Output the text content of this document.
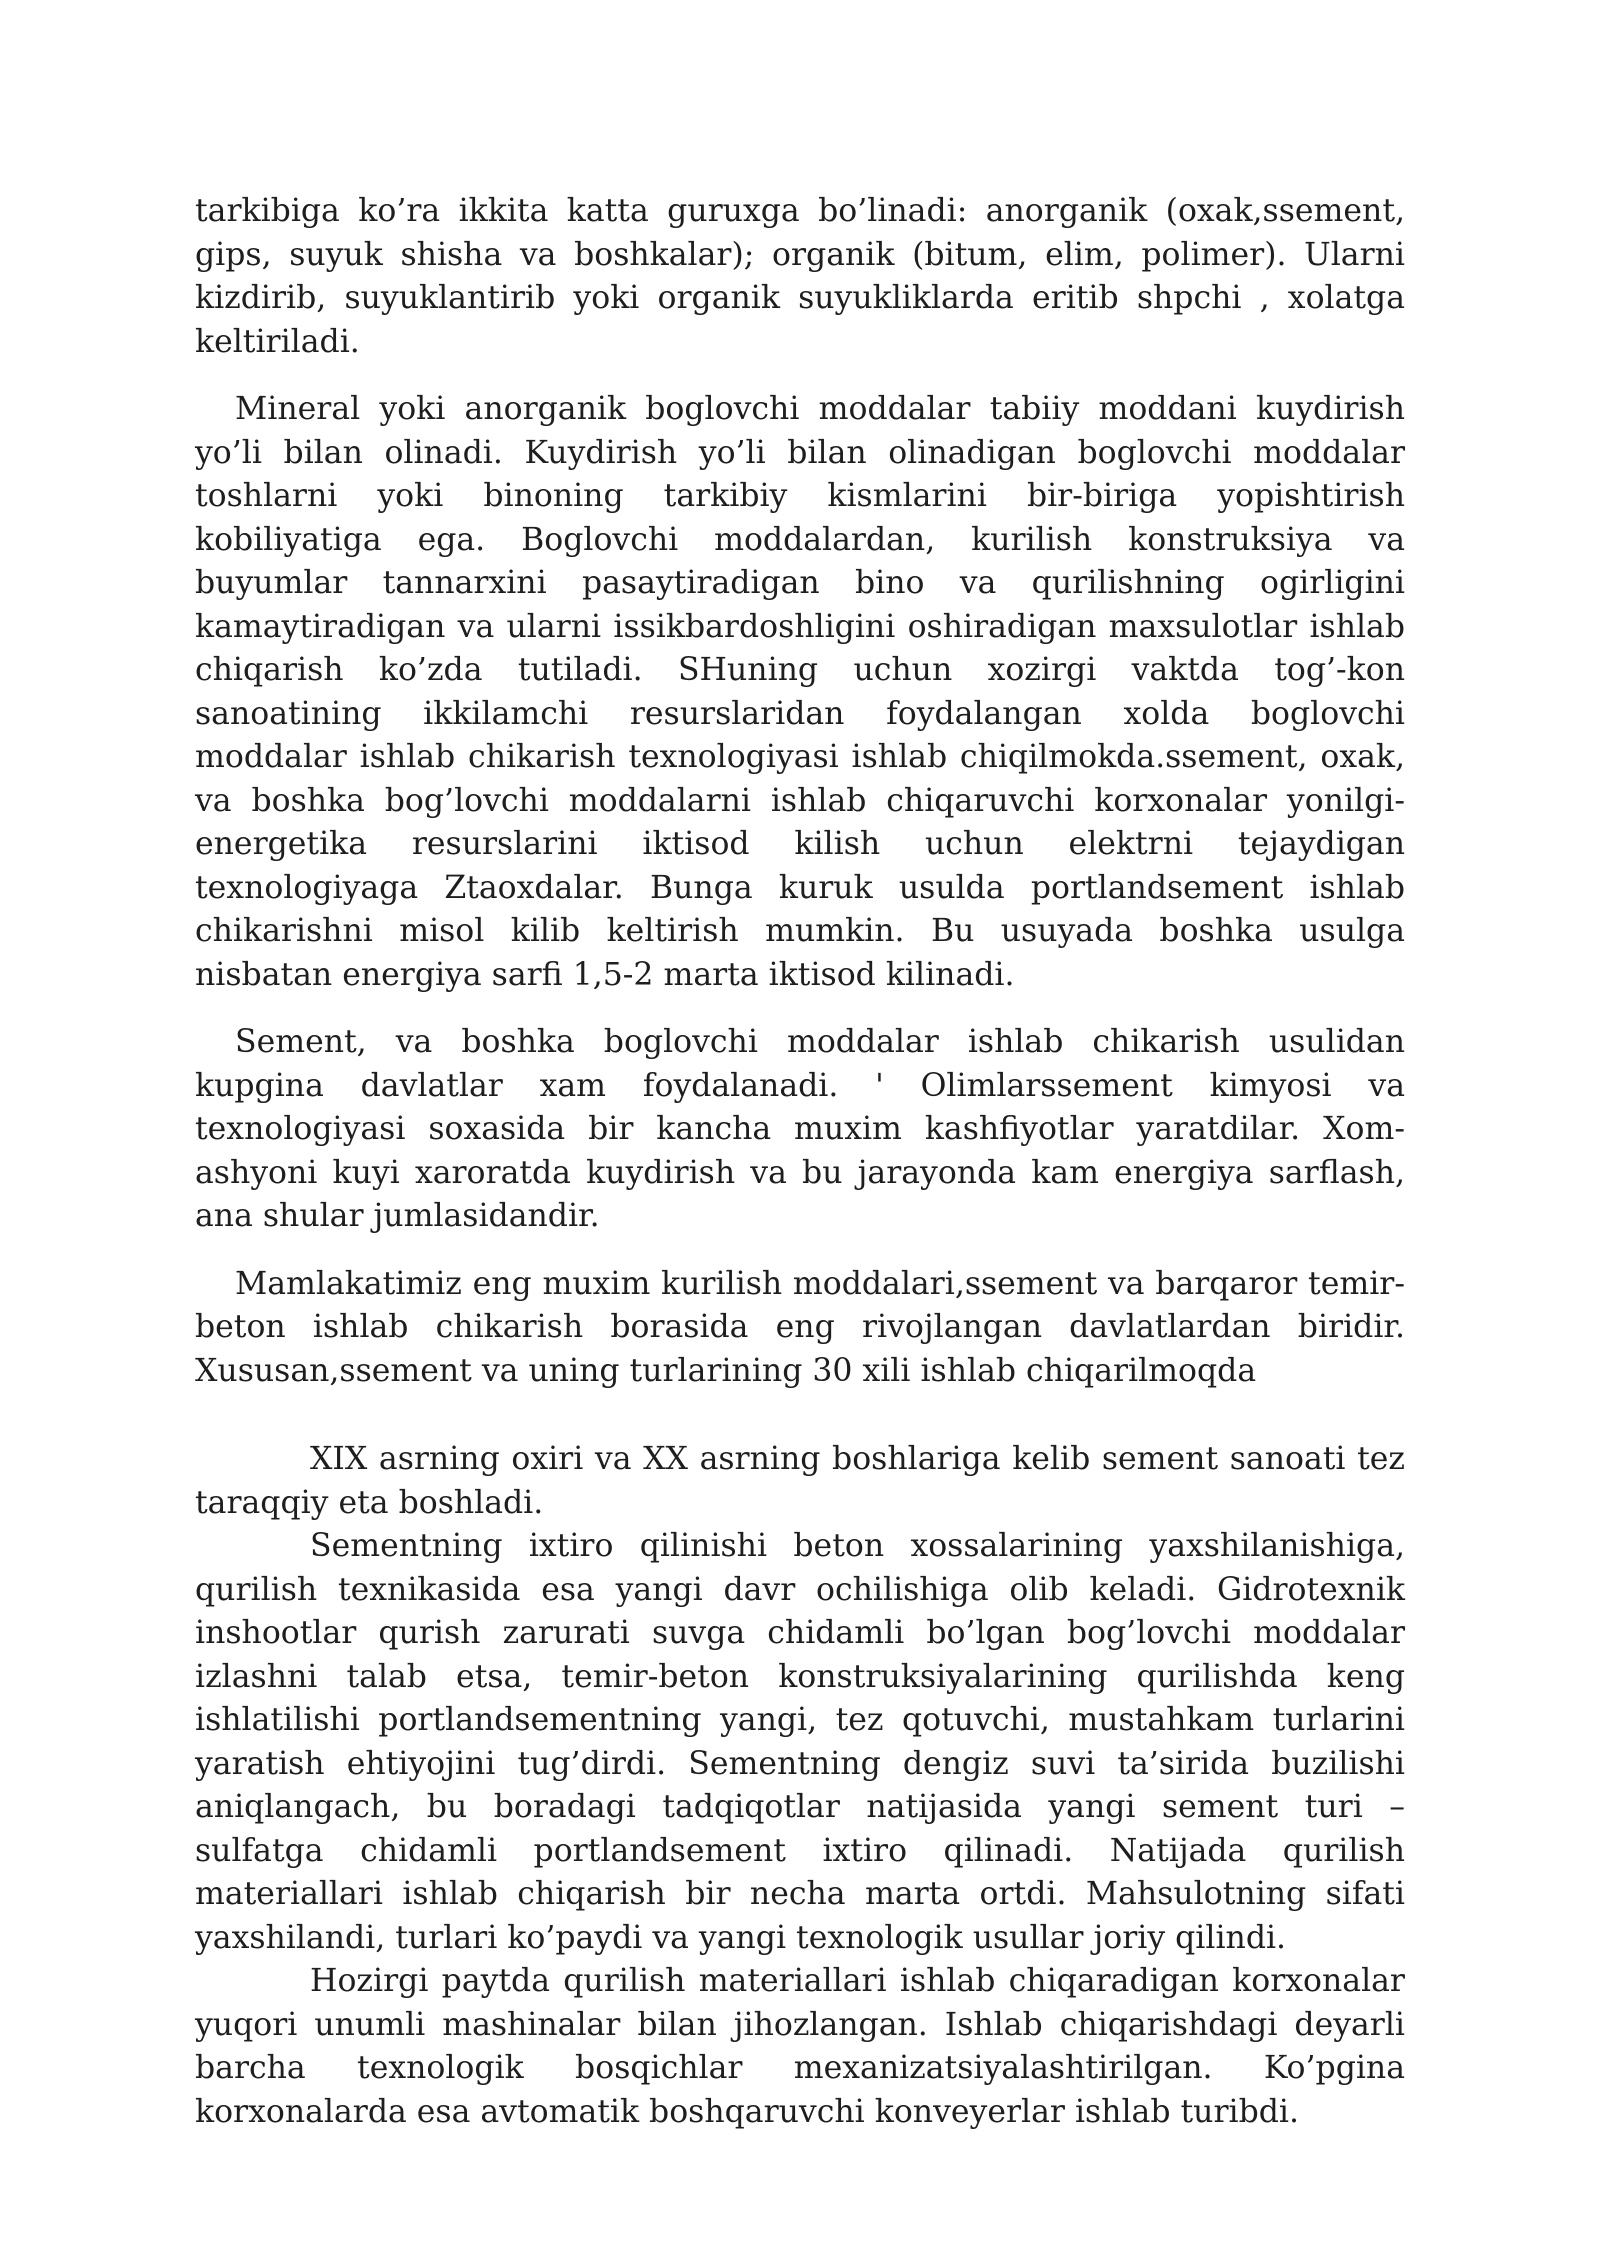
tarkibiga ko’ra ikkita katta guruxga bo’linadi: anorganik (oxak,ssement, gips, suyuk shisha va boshkalar); organik (bitum, elim, polimer). Ularni kizdirib, suyuklantirib yoki organik suyukliklarda eritib shpchi , xolatga keltiriladi.

Mineral yoki anorganik boglovchi moddalar tabiiy moddani kuydirish yo’li bilan olinadi. Kuydirish yo’li bilan olinadigan boglovchi moddalar toshlarni yoki binoning tarkibiy kismlarini bir-biriga yopishtirish kobiliyatiga ega. Boglovchi moddalardan, kurilish konstruksiya va buyumlar tannarxini pasaytiradigan bino va qurilishning ogirligini kamaytiradigan va ularni issikbardoshligini oshiradigan maxsulotlar ishlab chiqarish ko’zda tutiladi. SHuning uchun xozirgi vaktda tog’-kon sanoatining ikkilamchi resurslaridan foydalangan xolda boglovchi moddalar ishlab chikarish texnologiyasi ishlab chiqilmokda.ssement, oxak, va boshka bog’lovchi moddalarni ishlab chiqaruvchi korxonalar yonilgi-energetika resurslarini iktisod kilish uchun elektrni tejaydigan texnologiyaga Ztaoxdalar. Bunga kuruk usulda portlandsement ishlab chikarishni misol kilib keltirish mumkin. Bu usuyada boshka usulga nisbatan energiya sarfi 1,5-2 marta iktisod kilinadi.

Sement, va boshka boglovchi moddalar ishlab chikarish usulidan kupgina davlatlar xam foydalanadi. ' Olimlarssement kimyosi va texnologiyasi soxasida bir kancha muxim kashfiyotlar yaratdilar. Xom-ashyoni kuyi xaroratda kuydirish va bu jarayonda kam energiya sarflash, ana shular jumlasidandir.

Mamlakatimiz eng muxim kurilish moddalari,ssement va barqaror temir-beton ishlab chikarish borasida eng rivojlangan davlatlardan biridir. Xususan,ssement va uning turlarining 30 xili ishlab chiqarilmoqda

XIX asrning oxiri va XX asrning boshlariga kelib sement sanoati tez taraqqiy eta boshladi.

Sementning ixtiro qilinishi beton xossalarining yaxshilanishiga, qurilish texnikasida esa yangi davr ochilishiga olib keladi. Gidrotexnik inshootlar qurish zarurati suvga chidamli bo’lgan bog’lovchi moddalar izlashni talab etsa, temir-beton konstruksiyalarining qurilishda keng ishlatilishi portlandsementning yangi, tez qotuvchi, mustahkam turlarini yaratish ehtiyojini tug’dirdi. Sementning dengiz suvi ta’sirida buzilishi aniqlangach, bu boradagi tadqiqotlar natijasida yangi sement turi – sulfatga chidamli portlandsement ixtiro qilinadi. Natijada qurilish materiallari ishlab chiqarish bir necha marta ortdi. Mahsulotning sifati yaxshilandi, turlari ko’paydi va yangi texnologik usullar joriy qilindi.

Hozirgi paytda qurilish materiallari ishlab chiqaradigan korxonalar yuqori unumli mashinalar bilan jihozlangan. Ishlab chiqarishdagi deyarli barcha texnologik bosqichlar mexanizatsiyalashtirilgan. Ko’pgina korxonalarda esa avtomatik boshqaruvchi konveyerlar ishlab turibdi.
